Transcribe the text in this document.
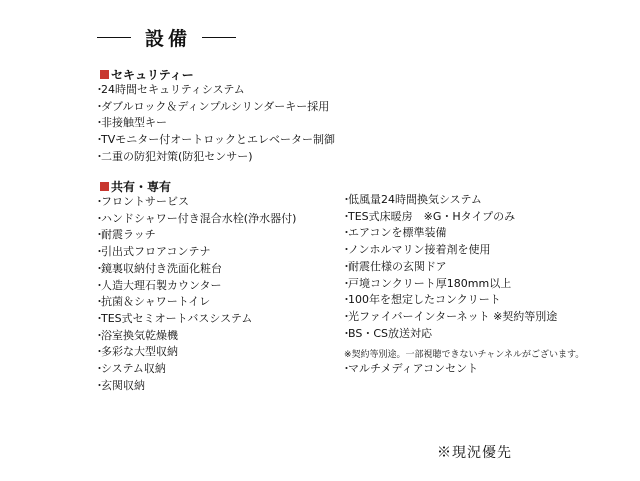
設備
セキュリティー
・ 24時間セキュリティシステム
・ ダブルロック＆ディンプルシリンダーキー採用
・ 非接触型キー
・ TVモニター付オートロックとエレベーター制御
・ 二重の防犯対策(防犯センサー)
共有・専有
・ フロントサービス
・ ハンドシャワー付き混合水栓(浄水器付)
・ 耐震ラッチ
・ 引出式フロアコンテナ
・ 鏡裏収納付き洗面化粧台
・ 人造大理石製カウンター
・ 抗菌＆シャワートイレ
・ TES式セミオートバスシステム
・ 浴室換気乾燥機
・ 多彩な大型収納
・ システム収納
・ 玄関収納
・ 低風量24時間換気システム
・ TES式床暖房　※G・Hタイプのみ
・ エアコンを標準装備
・ ノンホルマリン接着剤を使用
・ 耐震仕様の玄関ドア
・ 戸境コンクリート厚180mm以上
・ 100年を想定したコンクリート
・ 光ファイバーインターネット ※契約等別途
・ BS・CS放送対応
※契約等別途。一部視聴できないチャンネルがございます。
・ マルチメディアコンセント
※現況優先
